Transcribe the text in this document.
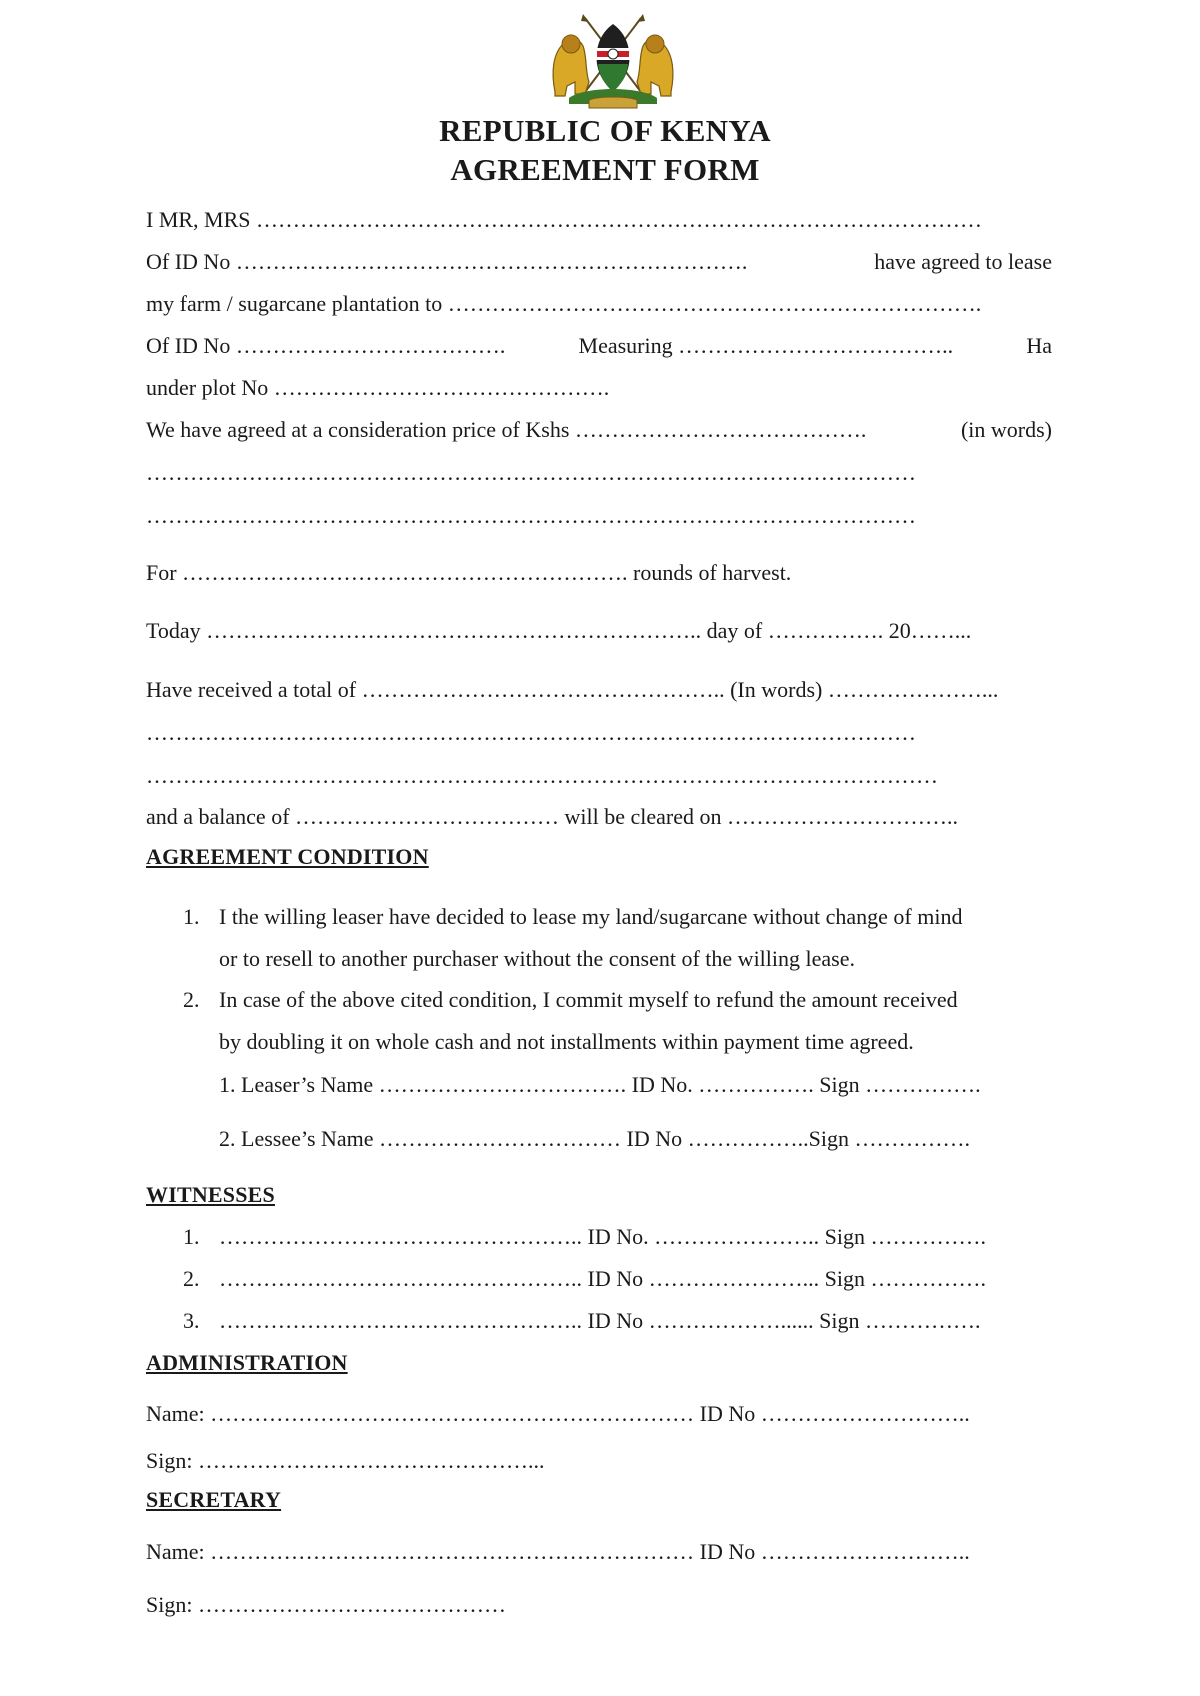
REPUBLIC OF KENYA
AGREEMENT FORM
I MR, MRS ………………………………………………………………………………………
Of ID No …………………………………………………………….	have agreed to lease
my farm / sugarcane plantation to ……………………………………………………………….
Of ID No ……………………………….	Measuring ………………………………..	Ha
under plot No ……………………………………….
We have agreed at a consideration price of Kshs ………………………………….	(in words)
……………………………………………………………………………………………
……………………………………………………………………………………………
For ……………………………………………………. rounds of harvest.
Today ………………………………………………………….. day of ……………. 20……...
Have received a total of ………………………………………….. (In words) …………………...
……………………………………………………………………………………………
………………………………………………………………………………………………
and a balance of ……………………………… will be cleared on …………………………..
AGREEMENT CONDITION
1. I the willing leaser have decided to lease my land/sugarcane without change of mind
or to resell to another purchaser without the consent of the willing lease.
2. In case of the above cited condition, I commit myself to refund the amount received
by doubling it on whole cash and not installments within payment time agreed.
1. Leaser’s Name ……………………………. ID No. ……………. Sign …………….
2. Lessee’s Name …………………………… ID No ……………..Sign …………….
WITNESSES
1. ………………………………………….. ID No. ………………….. Sign …………….
2. ………………………………………….. ID No …………………... Sign …………….
3. ………………………………………….. ID No ………………...... Sign …………….
ADMINISTRATION
Name: ………………………………………………………… ID No ………………………..
Sign: ………………………………………...
SECRETARY
Name: ………………………………………………………… ID No ………………………..
Sign: ……………………………………
